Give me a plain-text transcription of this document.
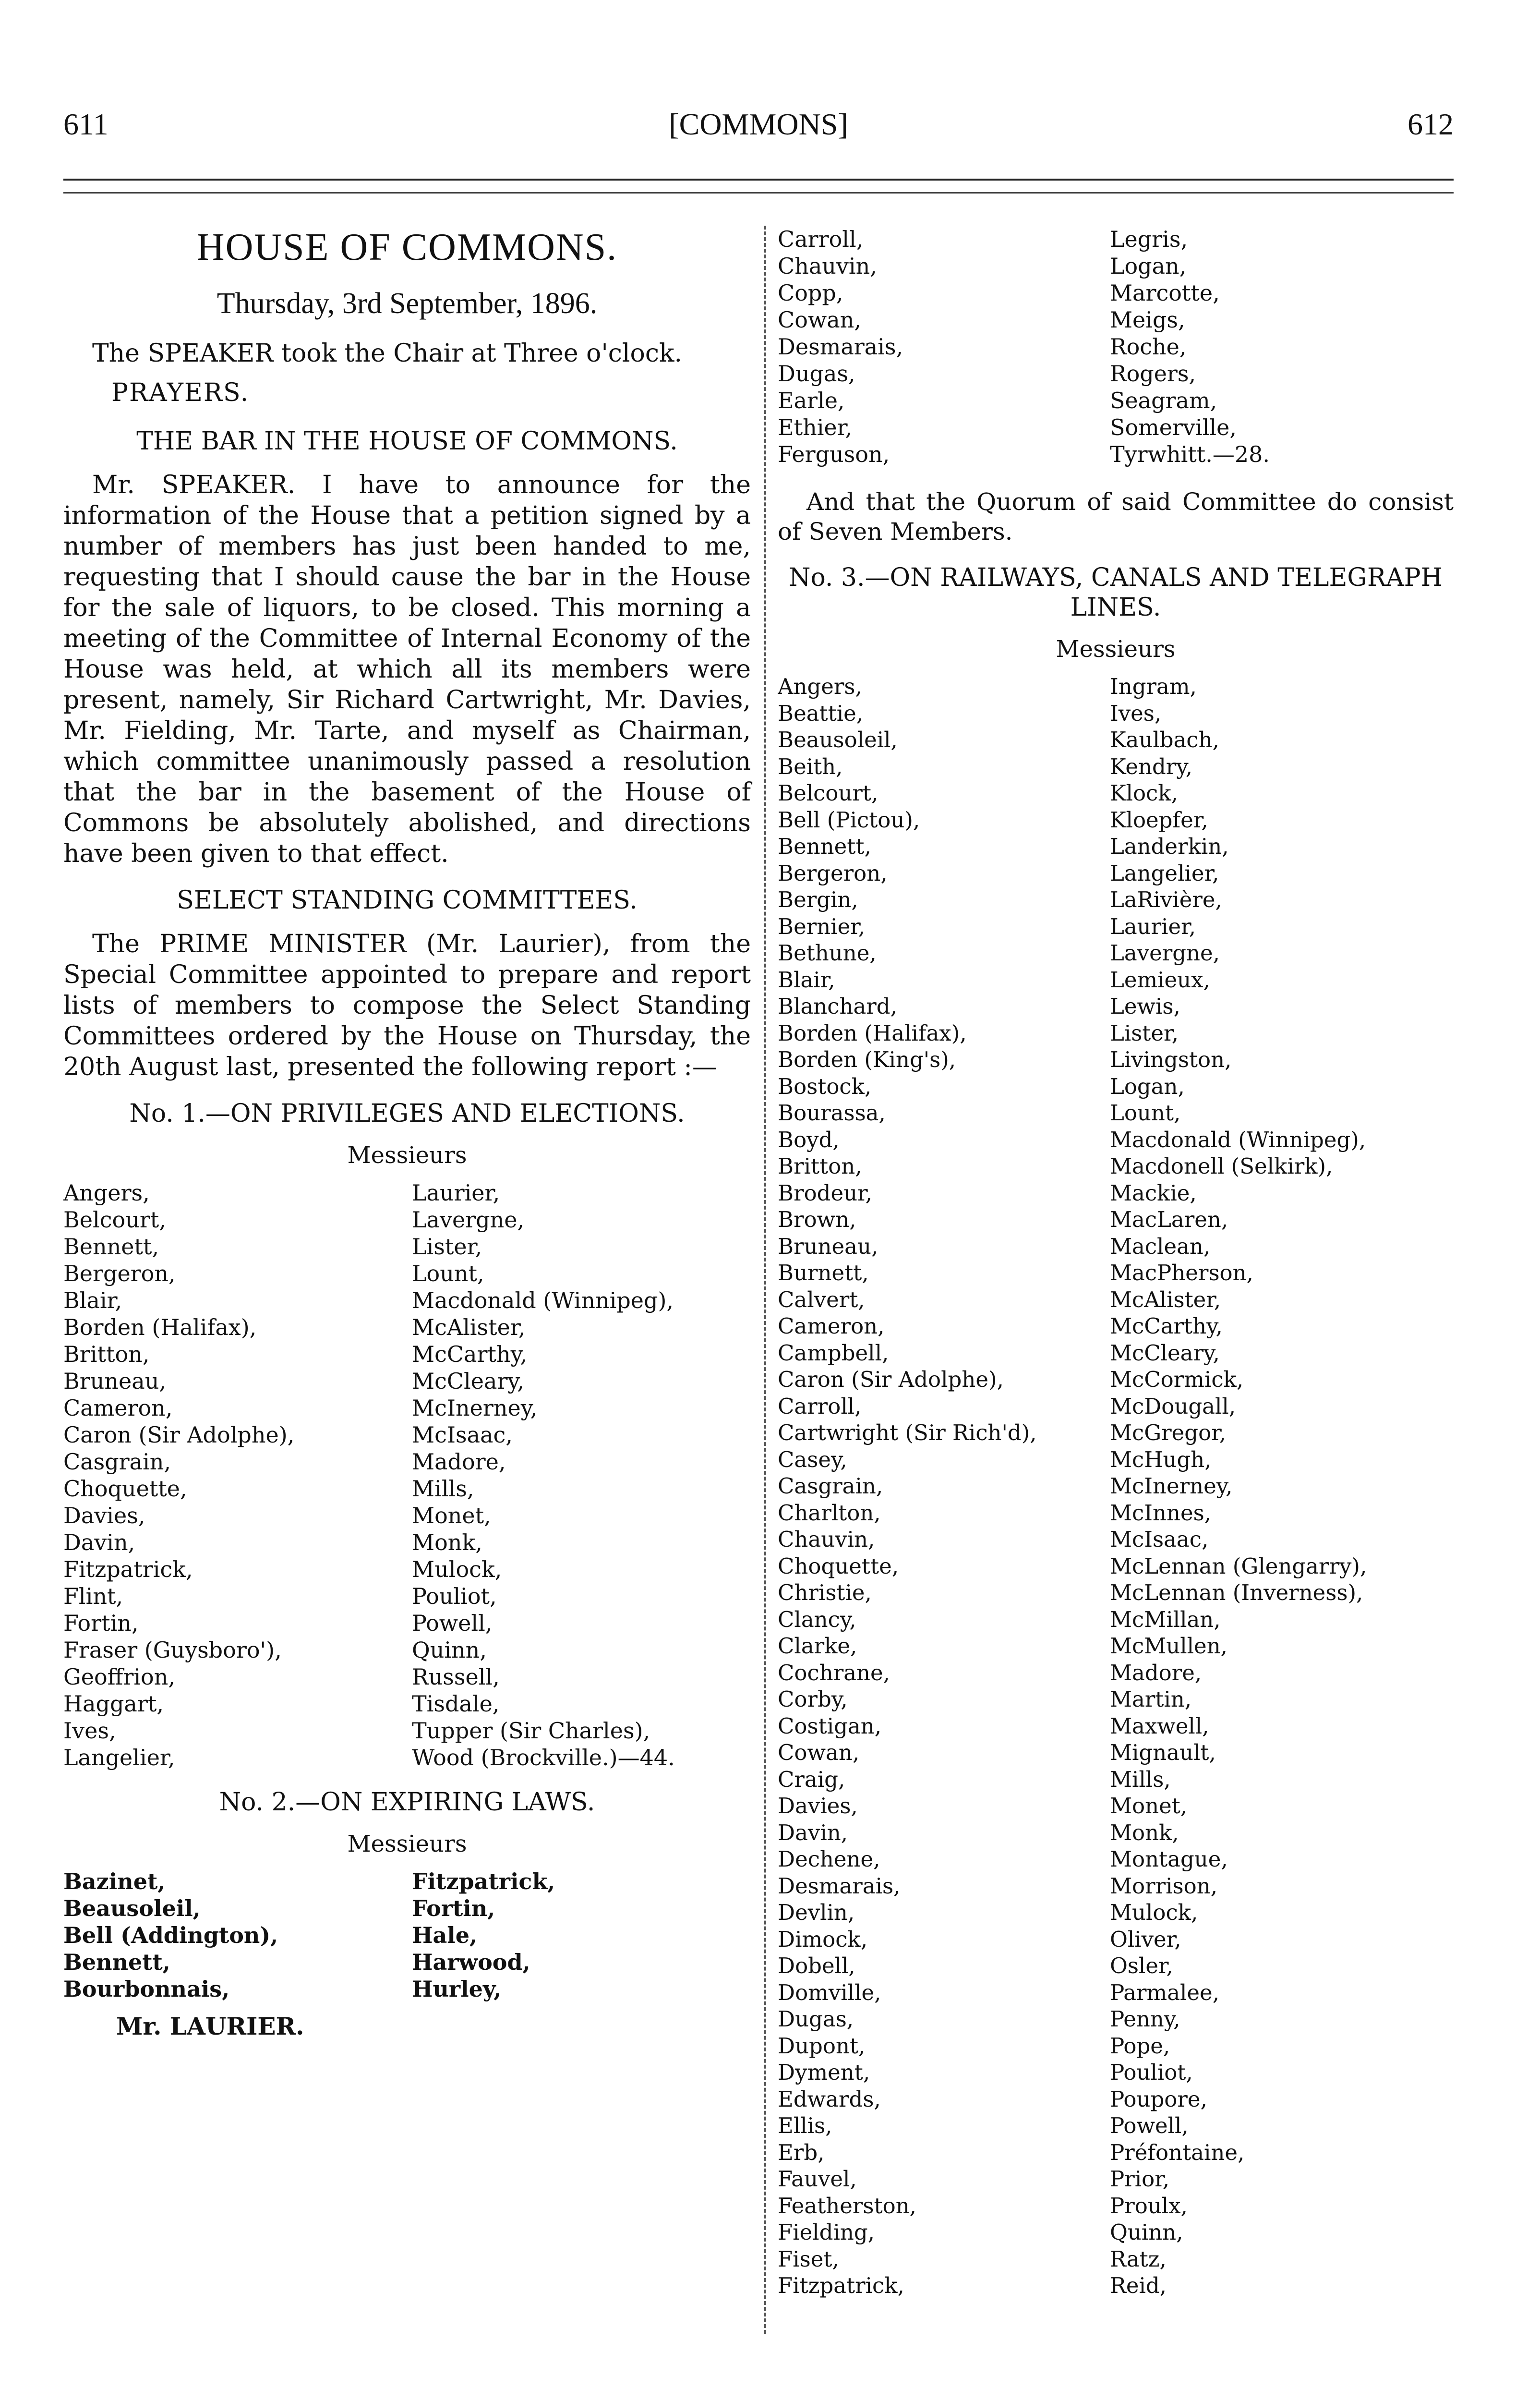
611	[COMMONS]	612
HOUSE OF COMMONS.
Thursday, 3rd September, 1896.

The SPEAKER took the Chair at Three o'clock.

PRAYERS.
THE BAR IN THE HOUSE OF COMMONS.

Mr. SPEAKER. I have to announce for the information of the House that a petition signed by a number of members has just been handed to me, requesting that I should cause the bar in the House for the sale of liquors, to be closed. This morning a meeting of the Committee of Internal Economy of the House was held, at which all its members were present, namely, Sir Richard Cartwright, Mr. Davies, Mr. Fielding, Mr. Tarte, and myself as Chairman, which committee unanimously passed a resolution that the bar in the basement of the House of Commons be absolutely abolished, and directions have been given to that effect.

SELECT STANDING COMMITTEES.

The PRIME MINISTER (Mr. Laurier), from the Special Committee appointed to prepare and report lists of members to compose the Select Standing Committees ordered by the House on Thursday, the 20th August last, presented the following report :—

No. 1.—ON PRIVILEGES AND ELECTIONS.
Messieurs
Angers,
Belcourt,
Bennett,
Bergeron,
Blair,
Borden (Halifax),
Britton,
Bruneau,
Cameron,
Caron (Sir Adolphe),
Casgrain,
Choquette,
Davies,
Davin,
Fitzpatrick,
Flint,
Fortin,
Fraser (Guysboro'),
Geoffrion,
Haggart,
Ives,
Langelier,
Laurier,
Lavergne,
Lister,
Lount,
Macdonald (Winnipeg),
McAlister,
McCarthy,
McCleary,
McInerney,
McIsaac,
Madore,
Mills,
Monet,
Monk,
Mulock,
Pouliot,
Powell,
Quinn,
Russell,
Tisdale,
Tupper (Sir Charles),
Wood (Brockville.)—44.
No. 2.—ON EXPIRING LAWS.
Messieurs
Bazinet,
Beausoleil,
Bell (Addington),
Bennett,
Bourbonnais,
Fitzpatrick,
Fortin,
Hale,
Harwood,
Hurley,
Mr. LAURIER.
Carroll,
Chauvin,
Copp,
Cowan,
Desmarais,
Dugas,
Earle,
Ethier,
Ferguson,
Legris,
Logan,
Marcotte,
Meigs,
Roche,
Rogers,
Seagram,
Somerville,
Tyrwhitt.—28.

And that the Quorum of said Committee do consist of Seven Members.

No. 3.—ON RAILWAYS, CANALS AND TELEGRAPH LINES.
Messieurs
Angers,
Beattie,
Beausoleil,
Beith,
Belcourt,
Bell (Pictou),
Bennett,
Bergeron,
Bergin,
Bernier,
Bethune,
Blair,
Blanchard,
Borden (Halifax),
Borden (King's),
Bostock,
Bourassa,
Boyd,
Britton,
Brodeur,
Brown,
Bruneau,
Burnett,
Calvert,
Cameron,
Campbell,
Caron (Sir Adolphe),
Carroll,
Cartwright (Sir Rich'd),
Casey,
Casgrain,
Charlton,
Chauvin,
Choquette,
Christie,
Clancy,
Clarke,
Cochrane,
Corby,
Costigan,
Cowan,
Craig,
Davies,
Davin,
Dechene,
Desmarais,
Devlin,
Dimock,
Dobell,
Domville,
Dugas,
Dupont,
Dyment,
Edwards,
Ellis,
Erb,
Fauvel,
Featherston,
Fielding,
Fiset,
Fitzpatrick,
Ingram,
Ives,
Kaulbach,
Kendry,
Klock,
Kloepfer,
Landerkin,
Langelier,
LaRivière,
Laurier,
Lavergne,
Lemieux,
Lewis,
Lister,
Livingston,
Logan,
Lount,
Macdonald (Winnipeg),
Macdonell (Selkirk),
Mackie,
MacLaren,
Maclean,
MacPherson,
McAlister,
McCarthy,
McCleary,
McCormick,
McDougall,
McGregor,
McHugh,
McInerney,
McInnes,
McIsaac,
McLennan (Glengarry),
McLennan (Inverness),
McMillan,
McMullen,
Madore,
Martin,
Maxwell,
Mignault,
Mills,
Monet,
Monk,
Montague,
Morrison,
Mulock,
Oliver,
Osler,
Parmalee,
Penny,
Pope,
Pouliot,
Poupore,
Powell,
Préfontaine,
Prior,
Proulx,
Quinn,
Ratz,
Reid,
